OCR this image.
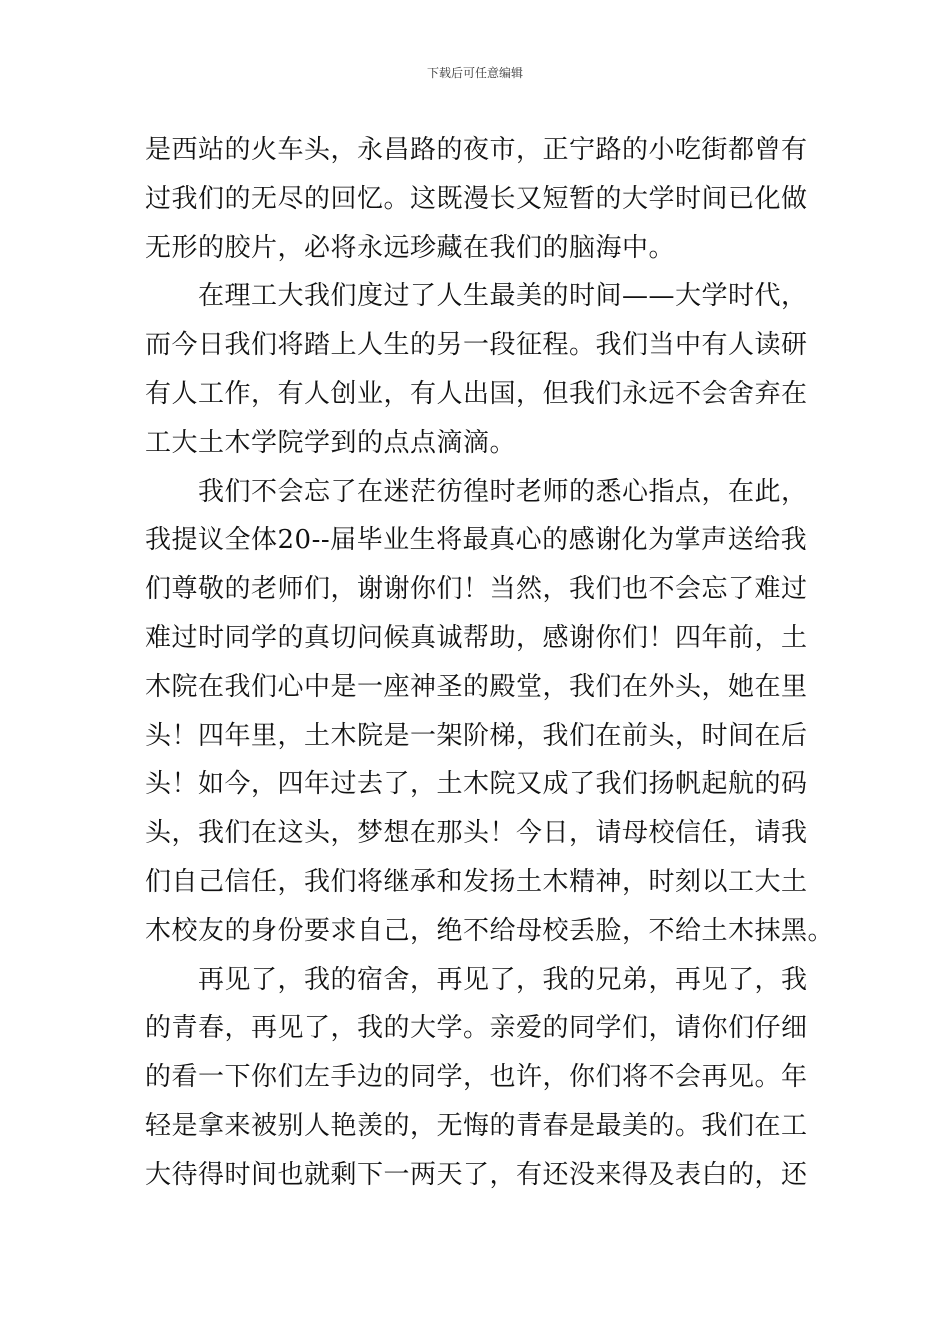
下载后可任意编辑
是西站的火车头，永昌路的夜市，正宁路的小吃街都曾有
过我们的无尽的回忆。这既漫长又短暂的大学时间已化做
无形的胶片，必将永远珍藏在我们的脑海中。
在理工大我们度过了人生最美的时间——大学时代，
而今日我们将踏上人生的另一段征程。我们当中有人读研
有人工作，有人创业，有人出国，但我们永远不会舍弃在
工大土木学院学到的点点滴滴。
我们不会忘了在迷茫彷徨时老师的悉心指点，在此，
我提议全体20--届毕业生将最真心的感谢化为掌声送给我
们尊敬的老师们，谢谢你们！当然，我们也不会忘了难过
难过时同学的真切问候真诚帮助，感谢你们！四年前，土
木院在我们心中是一座神圣的殿堂，我们在外头，她在里
头！四年里，土木院是一架阶梯，我们在前头，时间在后
头！如今，四年过去了，土木院又成了我们扬帆起航的码
头，我们在这头，梦想在那头！今日，请母校信任，请我
们自己信任，我们将继承和发扬土木精神，时刻以工大土
木校友的身份要求自己，绝不给母校丢脸，不给土木抹黑。
再见了，我的宿舍，再见了，我的兄弟，再见了，我
的青春，再见了，我的大学。亲爱的同学们，请你们仔细
的看一下你们左手边的同学，也许，你们将不会再见。年
轻是拿来被别人艳羡的，无悔的青春是最美的。我们在工
大待得时间也就剩下一两天了，有还没来得及表白的，还
